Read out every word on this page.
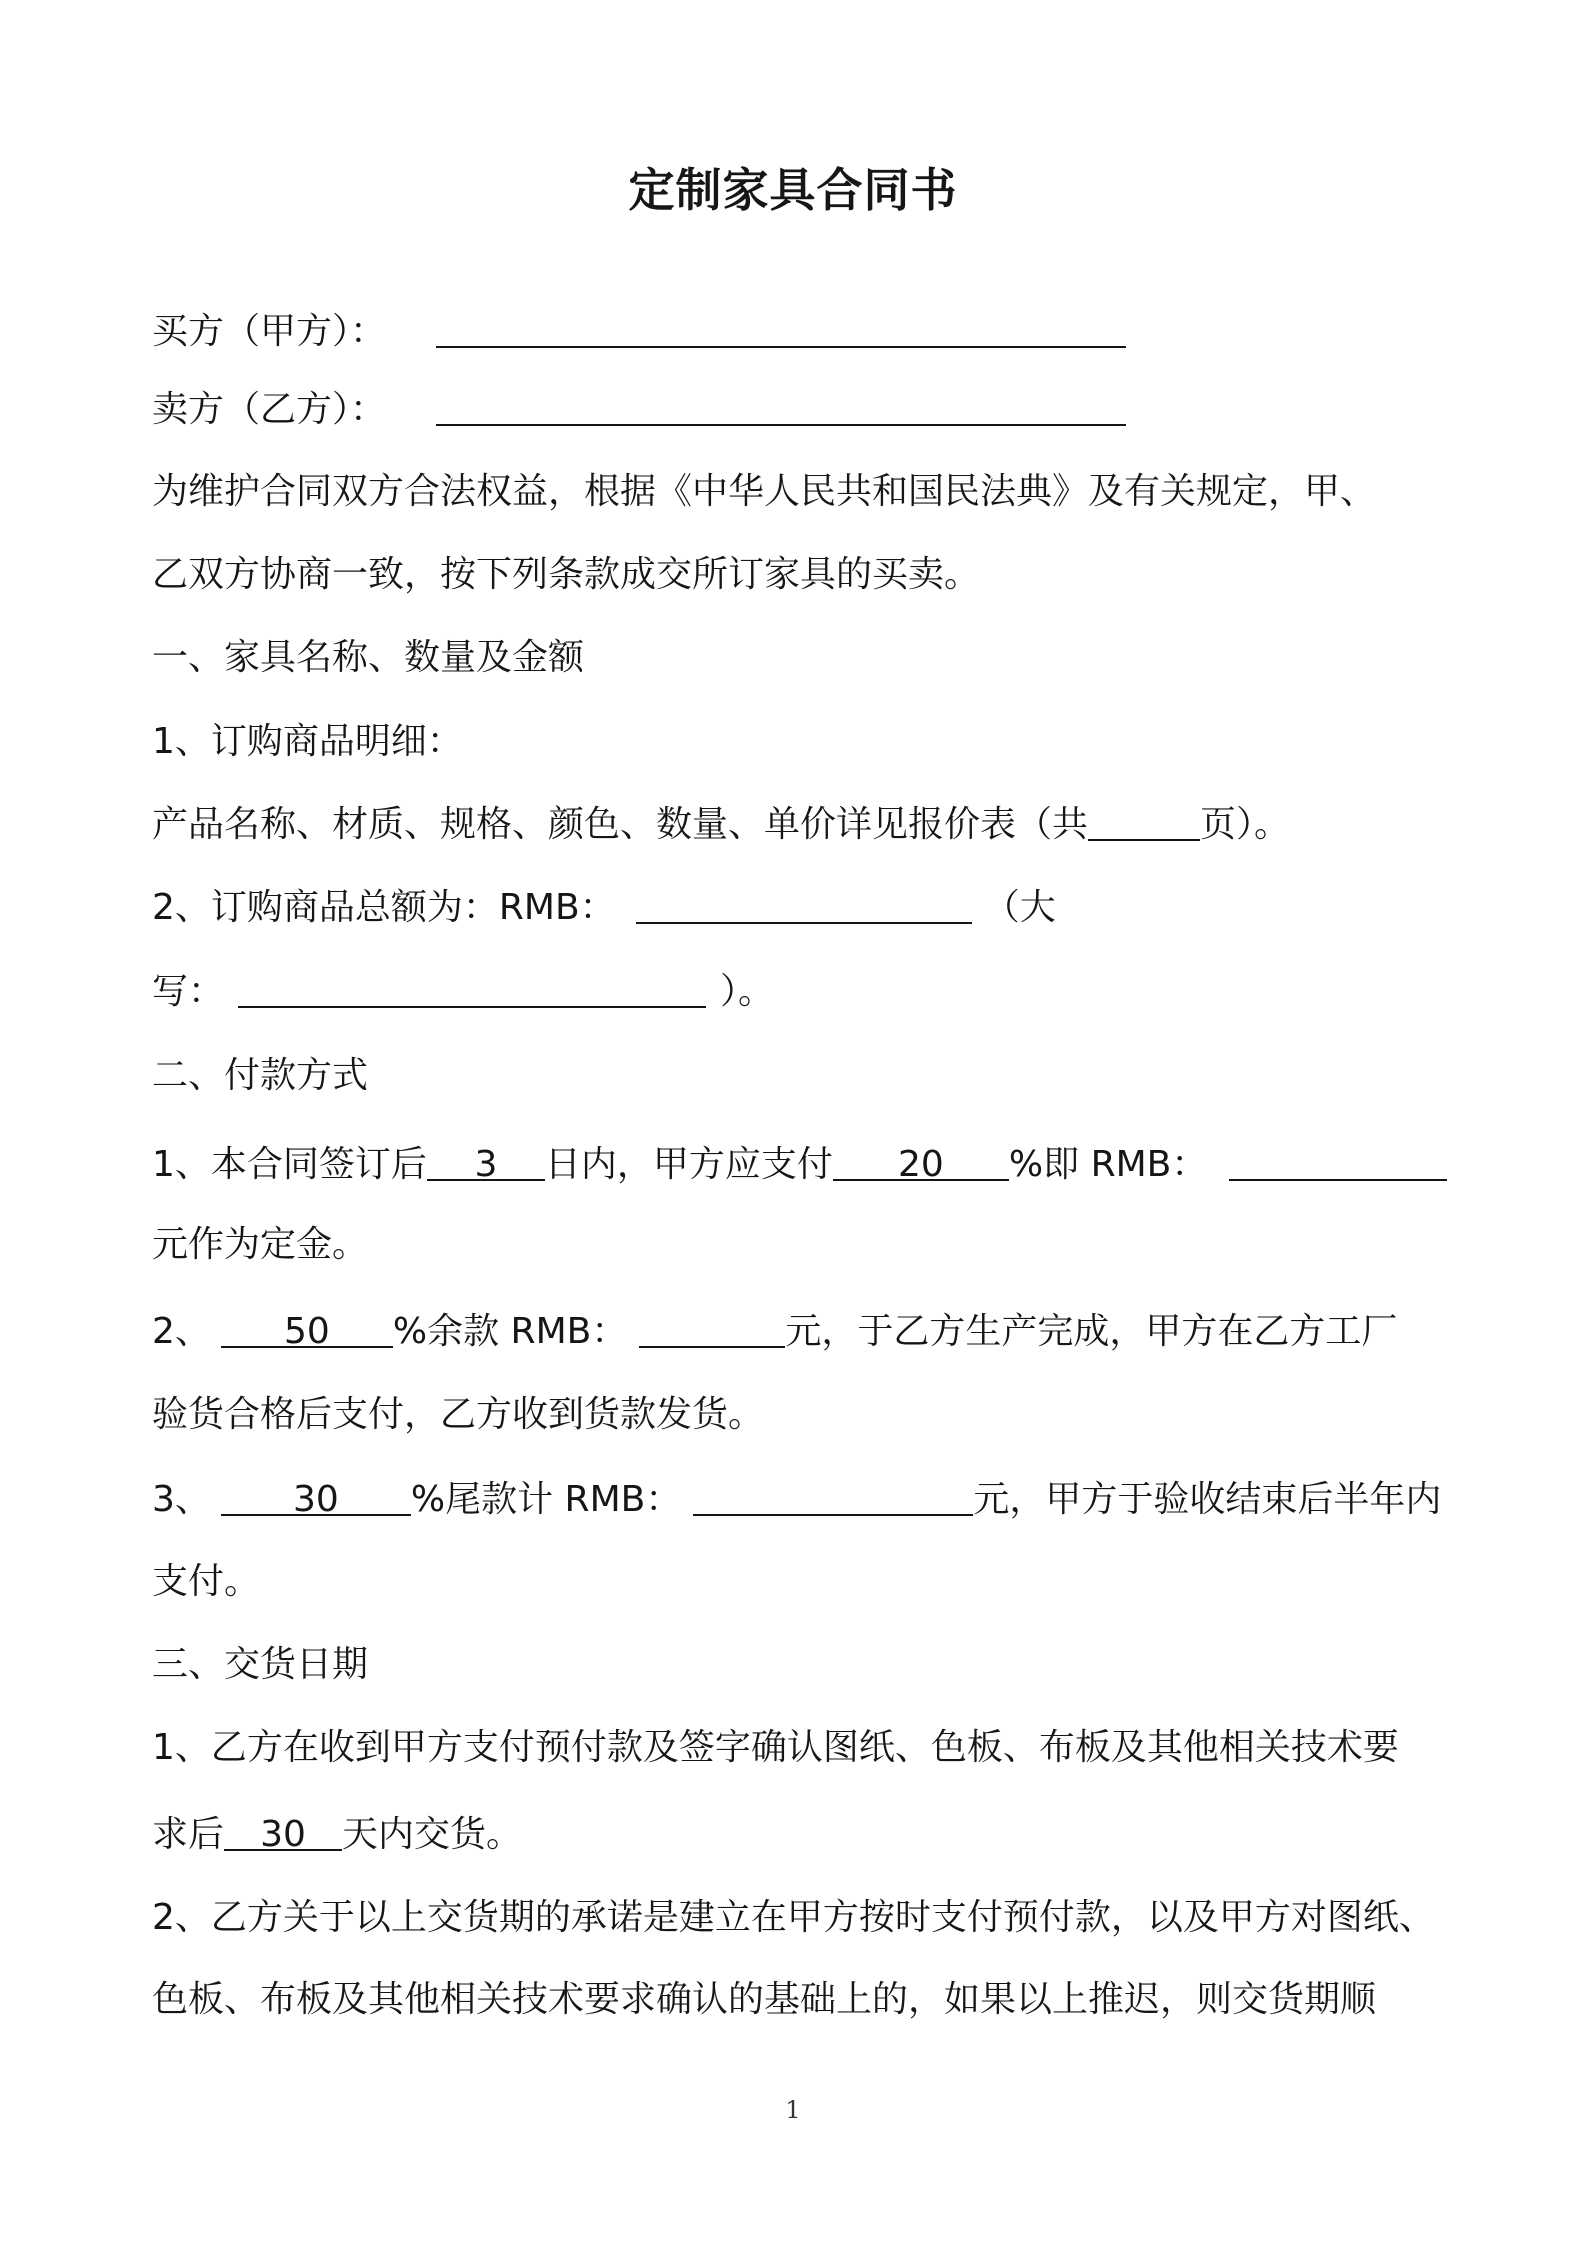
定制家具合同书
买方（甲方）：
卖方（乙方）：
为维护合同双方合法权益，根据《中华人民共和国民法典》及有关规定，甲、
乙双方协商一致，按下列条款成交所订家具的买卖。
一、家具名称、数量及金额
1、订购商品明细：
产品名称、材质、规格、颜色、数量、单价详见报价表（共	页）。
2、订购商品总额为：RMB：	（大
写：	）。
二、付款方式
1、本合同签订后 3 日内，甲方应支付 20 %即 RMB：
元作为定金。
2、 50 %余款 RMB：	元，于乙方生产完成，甲方在乙方工厂
验货合格后支付，乙方收到货款发货。
3、 30 %尾款计 RMB：	元，甲方于验收结束后半年内
支付。
三、交货日期
1、乙方在收到甲方支付预付款及签字确认图纸、色板、布板及其他相关技术要
求后 30 天内交货。
2、乙方关于以上交货期的承诺是建立在甲方按时支付预付款，以及甲方对图纸、
色板、布板及其他相关技术要求确认的基础上的，如果以上推迟，则交货期顺
1
